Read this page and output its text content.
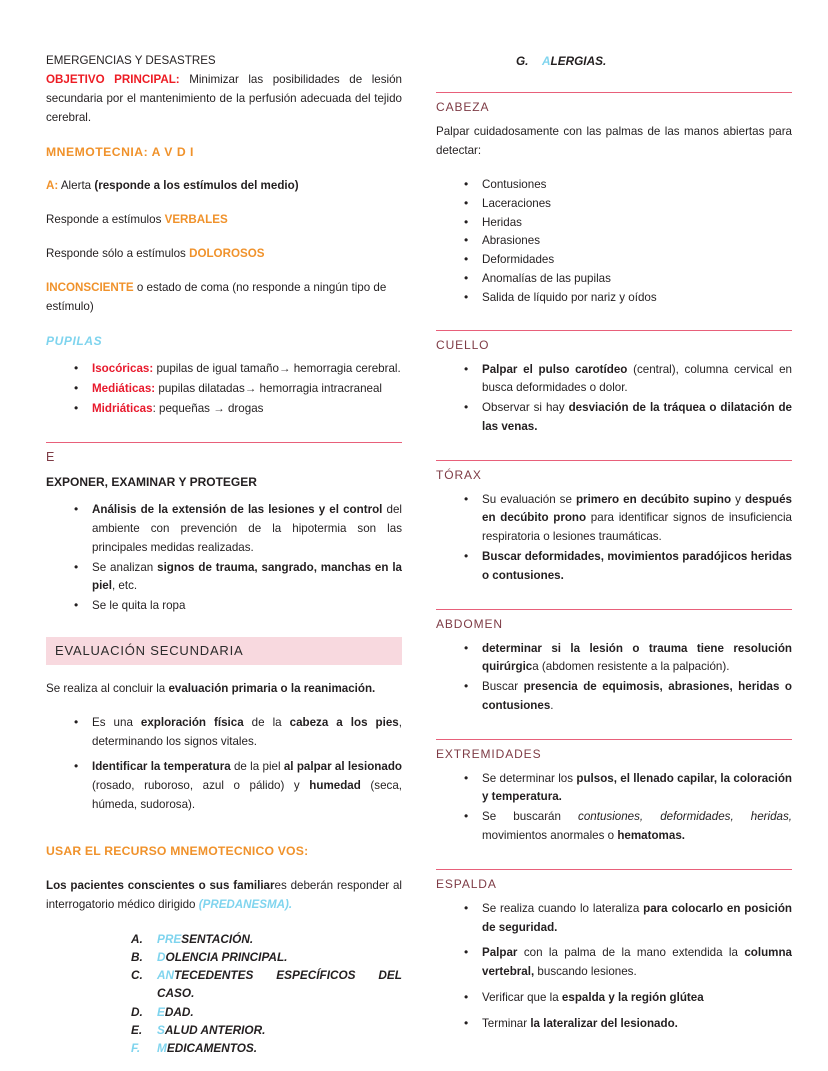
EMERGENCIAS Y DESASTRES
OBJETIVO PRINCIPAL: Minimizar las posibilidades de lesión secundaria por el mantenimiento de la perfusión adecuada del tejido cerebral.
MNEMOTECNIA: A V D I
A: Alerta (responde a los estímulos del medio)
Responde a estímulos VERBALES
Responde sólo a estímulos DOLOROSOS
INCONSCIENTE o estado de coma (no responde a ningún tipo de estímulo)
PUPILAS
• Isocóricas: pupilas de igual tamaño→ hemorragia cerebral.
• Mediáticas: pupilas dilatadas→ hemorragia intracraneal
• Midriáticas: pequeñas → drogas
E
EXPONER, EXAMINAR Y PROTEGER
• Análisis de la extensión de las lesiones y el control del ambiente con prevención de la hipotermia son las principales medidas realizadas.
• Se analizan signos de trauma, sangrado, manchas en la piel, etc.
• Se le quita la ropa
EVALUACIÓN SECUNDARIA
Se realiza al concluir la evaluación primaria o la reanimación.
• Es una exploración física de la cabeza a los pies, determinando los signos vitales.
• Identificar la temperatura de la piel al palpar al lesionado (rosado, ruboroso, azul o pálido) y humedad (seca, húmeda, sudorosa).
USAR EL RECURSO MNEMOTECNICO VOS:
Los pacientes conscientes o sus familiares deberán responder al interrogatorio médico dirigido (PREDANESMA).
A.	PRESENTACIÓN.
B.	DOLENCIA PRINCIPAL.
C.	ANTECEDENTES ESPECÍFICOS DEL CASO.
D.	EDAD.
E.	SALUD ANTERIOR.
F.	MEDICAMENTOS.
G.	ALERGIAS.
CABEZA
Palpar cuidadosamente con las palmas de las manos abiertas para detectar:
• Contusiones
• Laceraciones
• Heridas
• Abrasiones
• Deformidades
• Anomalías de las pupilas
• Salida de líquido por nariz y oídos
CUELLO
• Palpar el pulso carotídeo (central), columna cervical en busca deformidades o dolor.
• Observar si hay desviación de la tráquea o dilatación de las venas.
TÓRAX
• Su evaluación se primero en decúbito supino y después en decúbito prono para identificar signos de insuficiencia respiratoria o lesiones traumáticas.
• Buscar deformidades, movimientos paradójicos heridas o contusiones.
ABDOMEN
• determinar si la lesión o trauma tiene resolución quirúrgica (abdomen resistente a la palpación).
• Buscar presencia de equimosis, abrasiones, heridas o contusiones.
EXTREMIDADES
• Se determinar los pulsos, el llenado capilar, la coloración y temperatura.
• Se buscarán contusiones, deformidades, heridas, movimientos anormales o hematomas.
ESPALDA
• Se realiza cuando lo lateraliza para colocarlo en posición de seguridad.
• Palpar con la palma de la mano extendida la columna vertebral, buscando lesiones.
• Verificar que la espalda y la región glútea
• Terminar la lateralizar del lesionado.
